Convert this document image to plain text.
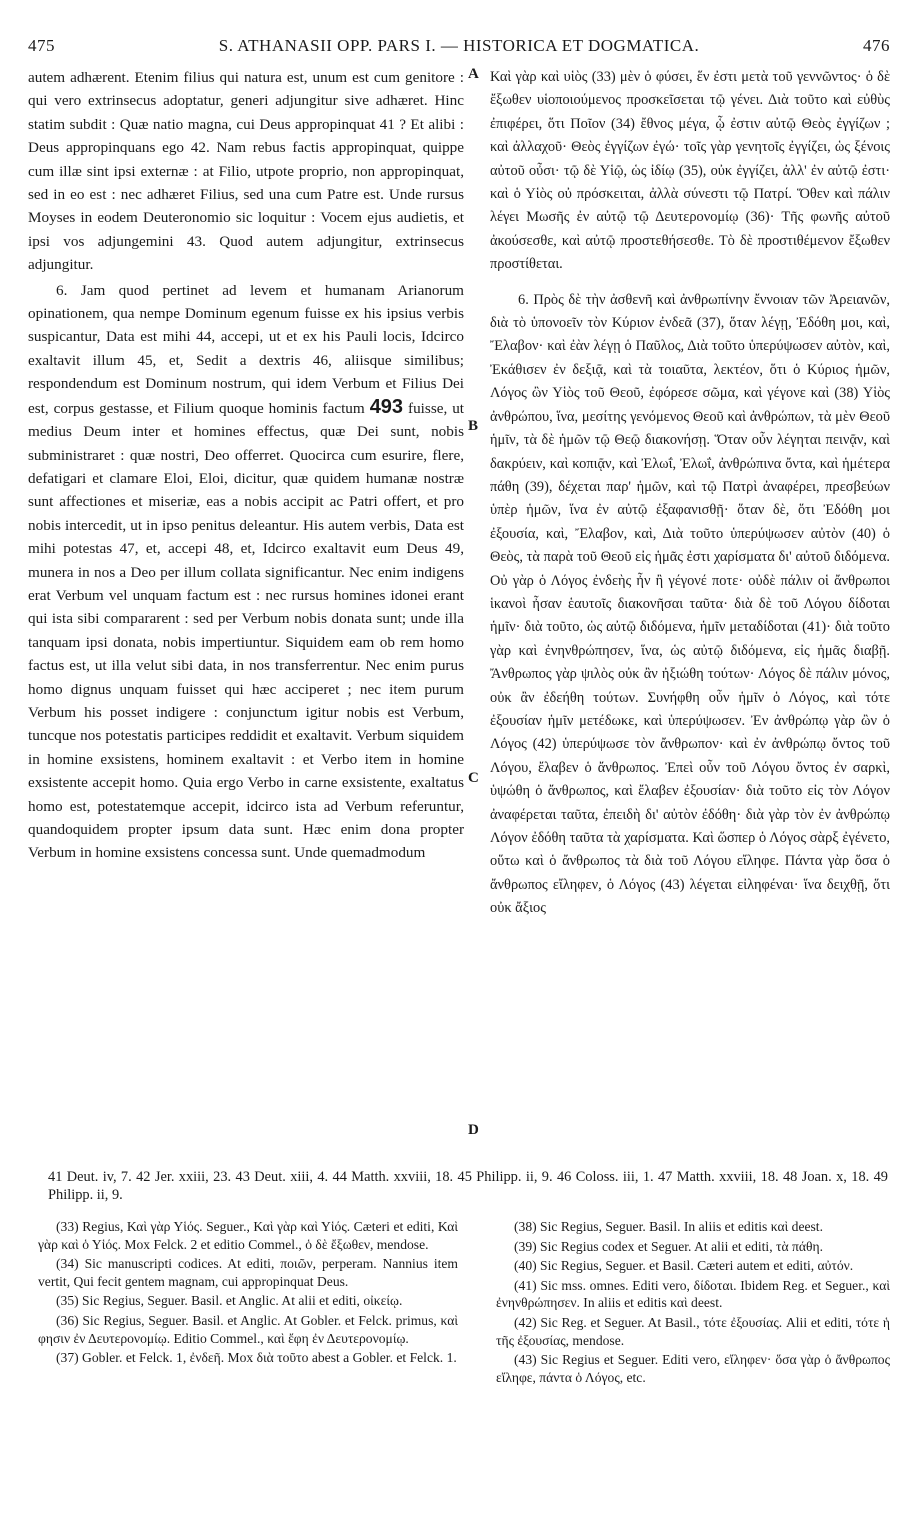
475	S. ATHANASII OPP. PARS I. — HISTORICA ET DOGMATICA.	476

autem adhærent. Etenim filius qui natura est, unum est cum genitore : qui vero extrinsecus adoptatur, generi adjungitur sive adhæret. Hinc statim subdit : Quæ natio magna, cui Deus appropinquat 41 ? Et alibi : Deus appropinquans ego 42. Nam rebus factis appropinquat, quippe cum illæ sint ipsi externæ : at Filio, utpote proprio, non appropinquat, sed in eo est : nec adhæret Filius, sed una cum Patre est. Unde rursus Moyses in eodem Deuteronomio sic loquitur : Vocem ejus audietis, et ipsi vos adjungemini 43. Quod autem adjungitur, extrinsecus adjungitur.

6. Jam quod pertinet ad levem et humanam Arianorum opinationem, qua nempe Dominum egenum fuisse ex his ipsius verbis suspicantur, Data est mihi 44, accepi, ut et ex his Pauli locis, Idcirco exaltavit illum 45, et, Sedit a dextris 46, aliisque similibus; respondendum est Dominum nostrum, qui idem Verbum et Filius Dei est, corpus gestasse, et Filium quoque hominis factum 493 fuisse, ut medius Deum inter et homines effectus, quæ Dei sunt, nobis subministraret : quæ nostri, Deo offerret. Quocirca cum esurire, flere, defatigari et clamare Eloi, Eloi, dicitur, quæ quidem humanæ nostræ sunt affectiones et miseriæ, eas a nobis accipit ac Patri offert, et pro nobis intercedit, ut in ipso penitus deleantur. His autem verbis, Data est mihi potestas 47, et, accepi 48, et, Idcirco exaltavit eum Deus 49, munera in nos a Deo per illum collata significantur. Nec enim indigens erat Verbum vel unquam factum est : nec rursus homines idonei erant qui ista sibi compararent : sed per Verbum nobis donata sunt; unde illa tanquam ipsi donata, nobis impertiuntur. Siquidem eam ob rem homo factus est, ut illa velut sibi data, in nos transferrentur. Nec enim purus homo dignus unquam fuisset qui hæc acciperet ; nec item purum Verbum his posset indigere : conjunctum igitur nobis est Verbum, tuncque nos potestatis participes reddidit et exaltavit. Verbum siquidem in homine exsistens, hominem exaltavit : et Verbo item in homine exsistente accepit homo. Quia ergo Verbo in carne exsistente, exaltatus homo est, potestatemque accepit, idcirco ista ad Verbum referuntur, quandoquidem propter ipsum data sunt. Hæc enim dona propter Verbum in homine exsistens concessa sunt. Unde quemadmodum

Καὶ γὰρ καὶ υἱὸς (33) μὲν ὁ φύσει, ἕν ἐστι μετὰ τοῦ γεννῶντος· ὁ δὲ ἔξωθεν υἱοποιούμενος προσκεῖσεται τῷ γένει. Διὰ τοῦτο καὶ εὐθὺς ἐπιφέρει, ὅτι Ποῖον (34) ἔθνος μέγα, ᾧ ἐστιν αὐτῷ Θεὸς ἐγγίζων ; καὶ ἀλλαχοῦ· Θεὸς ἐγγίζων ἐγώ· τοῖς γὰρ γενητοῖς ἐγγίζει, ὡς ξένοις αὐτοῦ οὖσι· τῷ δὲ Υἱῷ, ὡς ἰδίῳ (35), οὐκ ἐγγίζει, ἀλλ' ἐν αὐτῷ ἐστι· καὶ ὁ Υἱὸς οὐ πρόσκειται, ἀλλὰ σύνεστι τῷ Πατρί. Ὅθεν καὶ πάλιν λέγει Μωσῆς ἐν αὐτῷ τῷ Δευτερονομίῳ (36)· Τῆς φωνῆς αὐτοῦ ἀκούσεσθε, καὶ αὐτῷ προστεθήσεσθε. Τὸ δὲ προστιθέμενον ἔξωθεν προστίθεται.

6. Πρὸς δὲ τὴν ἀσθενῆ καὶ ἀνθρωπίνην ἔννοιαν τῶν Ἀρειανῶν, διὰ τὸ ὑπονοεῖν τὸν Κύριον ἐνδεᾶ (37), ὅταν λέγῃ, Ἐδόθη μοι, καὶ, Ἔλαβον· καὶ ἐὰν λέγῃ ὁ Παῦλος, Διὰ τοῦτο ὑπερύψωσεν αὐτὸν, καὶ, Ἐκάθισεν ἐν δεξιᾷ, καὶ τὰ τοιαῦτα, λεκτέον, ὅτι ὁ Κύριος ἡμῶν, Λόγος ὢν Υἱὸς τοῦ Θεοῦ, ἐφόρεσε σῶμα, καὶ γέγονε καὶ (38) Υἱὸς ἀνθρώπου, ἵνα, μεσίτης γενόμενος Θεοῦ καὶ ἀνθρώπων, τὰ μὲν Θεοῦ ἡμῖν, τὰ δὲ ἡμῶν τῷ Θεῷ διακονήσῃ. Ὅταν οὖν λέγηται πεινᾷν, καὶ δακρύειν, καὶ κοπιᾷν, καὶ Ἐλωΐ, Ἐλωΐ, ἀνθρώπινα ὄντα, καὶ ἡμέτερα πάθη (39), δέχεται παρ' ἡμῶν, καὶ τῷ Πατρὶ ἀναφέρει, πρεσβεύων ὑπὲρ ἡμῶν, ἵνα ἐν αὐτῷ ἐξαφανισθῇ· ὅταν δὲ, ὅτι Ἐδόθη μοι ἐξουσία, καὶ, Ἔλαβον, καὶ, Διὰ τοῦτο ὑπερύψωσεν αὐτὸν (40) ὁ Θεὸς, τὰ παρὰ τοῦ Θεοῦ εἰς ἡμᾶς ἐστι χαρίσματα δι' αὐτοῦ διδόμενα. Οὐ γὰρ ὁ Λόγος ἐνδεὴς ἦν ἢ γέγονέ ποτε· οὐδὲ πάλιν οἱ ἄνθρωποι ἱκανοὶ ἦσαν ἑαυτοῖς διακονῆσαι ταῦτα· διὰ δὲ τοῦ Λόγου δίδοται ἡμῖν· διὰ τοῦτο, ὡς αὐτῷ διδόμενα, ἡμῖν μεταδίδοται (41)· διὰ τοῦτο γὰρ καὶ ἐνηνθρώπησεν, ἵνα, ὡς αὐτῷ διδόμενα, εἰς ἡμᾶς διαβῇ. Ἄνθρωπος γὰρ ψιλὸς οὐκ ἂν ἠξιώθη τούτων· Λόγος δὲ πάλιν μόνος, οὐκ ἂν ἐδεήθη τούτων. Συνήφθη οὖν ἡμῖν ὁ Λόγος, καὶ τότε ἐξουσίαν ἡμῖν μετέδωκε, καὶ ὑπερύψωσεν. Ἐν ἀνθρώπῳ γὰρ ὢν ὁ Λόγος (42) ὑπερύψωσε τὸν ἄνθρωπον· καὶ ἐν ἀνθρώπῳ ὄντος τοῦ Λόγου, ἔλαβεν ὁ ἄνθρωπος. Ἐπεὶ οὖν τοῦ Λόγου ὄντος ἐν σαρκὶ, ὑψώθη ὁ ἄνθρωπος, καὶ ἔλαβεν ἐξουσίαν· διὰ τοῦτο εἰς τὸν Λόγον ἀναφέρεται ταῦτα, ἐπειδὴ δι' αὐτὸν ἐδόθη· διὰ γὰρ τὸν ἐν ἀνθρώπῳ Λόγον ἐδόθη ταῦτα τὰ χαρίσματα. Καὶ ὥσπερ ὁ Λόγος σὰρξ ἐγένετο, οὕτω καὶ ὁ ἄνθρωπος τὰ διὰ τοῦ Λόγου εἴληφε. Πάντα γὰρ ὅσα ὁ ἄνθρωπος εἴληφεν, ὁ Λόγος (43) λέγεται εἰληφέναι· ἵνα δειχθῇ, ὅτι οὐκ ἄξιος

A
B
C
D
41 Deut. iv, 7. 42 Jer. xxiii, 23. 43 Deut. xiii, 4. 44 Matth. xxviii, 18. 45 Philipp. ii, 9. 46 Coloss. iii, 1. 47 Matth. xxviii, 18. 48 Joan. x, 18. 49 Philipp. ii, 9.

(33) Regius, Καὶ γὰρ Υἱός. Seguer., Καὶ γὰρ καὶ Υἱός. Cæteri et editi, Καὶ γὰρ καὶ ὁ Υἱός. Mox Felck. 2 et editio Commel., ὁ δὲ ἔξωθεν, mendose.

(34) Sic manuscripti codices. At editi, ποιῶν, perperam. Nannius item vertit, Qui fecit gentem magnam, cui appropinquat Deus.

(35) Sic Regius, Seguer. Basil. et Anglic. At alii et editi, οἰκείῳ.

(36) Sic Regius, Seguer. Basil. et Anglic. At Gobler. et Felck. primus, καὶ φησιν ἐν Δευτερονομίῳ. Editio Commel., καὶ ἔφη ἐν Δευτερονομίῳ.

(37) Gobler. et Felck. 1, ἐνδεῆ. Mox διὰ τοῦτο abest a Gobler. et Felck. 1.

(38) Sic Regius, Seguer. Basil. In aliis et editis καὶ deest.

(39) Sic Regius codex et Seguer. At alii et editi, τὰ πάθη.

(40) Sic Regius, Seguer. et Basil. Cæteri autem et editi, αὐτόν.

(41) Sic mss. omnes. Editi vero, δίδοται. Ibidem Reg. et Seguer., καὶ ἐνηνθρώπησεν. In aliis et editis καὶ deest.

(42) Sic Reg. et Seguer. At Basil., τότε ἐξουσίας. Alii et editi, τότε ἡ τῆς ἐξουσίας, mendose.

(43) Sic Regius et Seguer. Editi vero, εἴληφεν· ὅσα γὰρ ὁ ἄνθρωπος εἴληφε, πάντα ὁ Λόγος, etc.
